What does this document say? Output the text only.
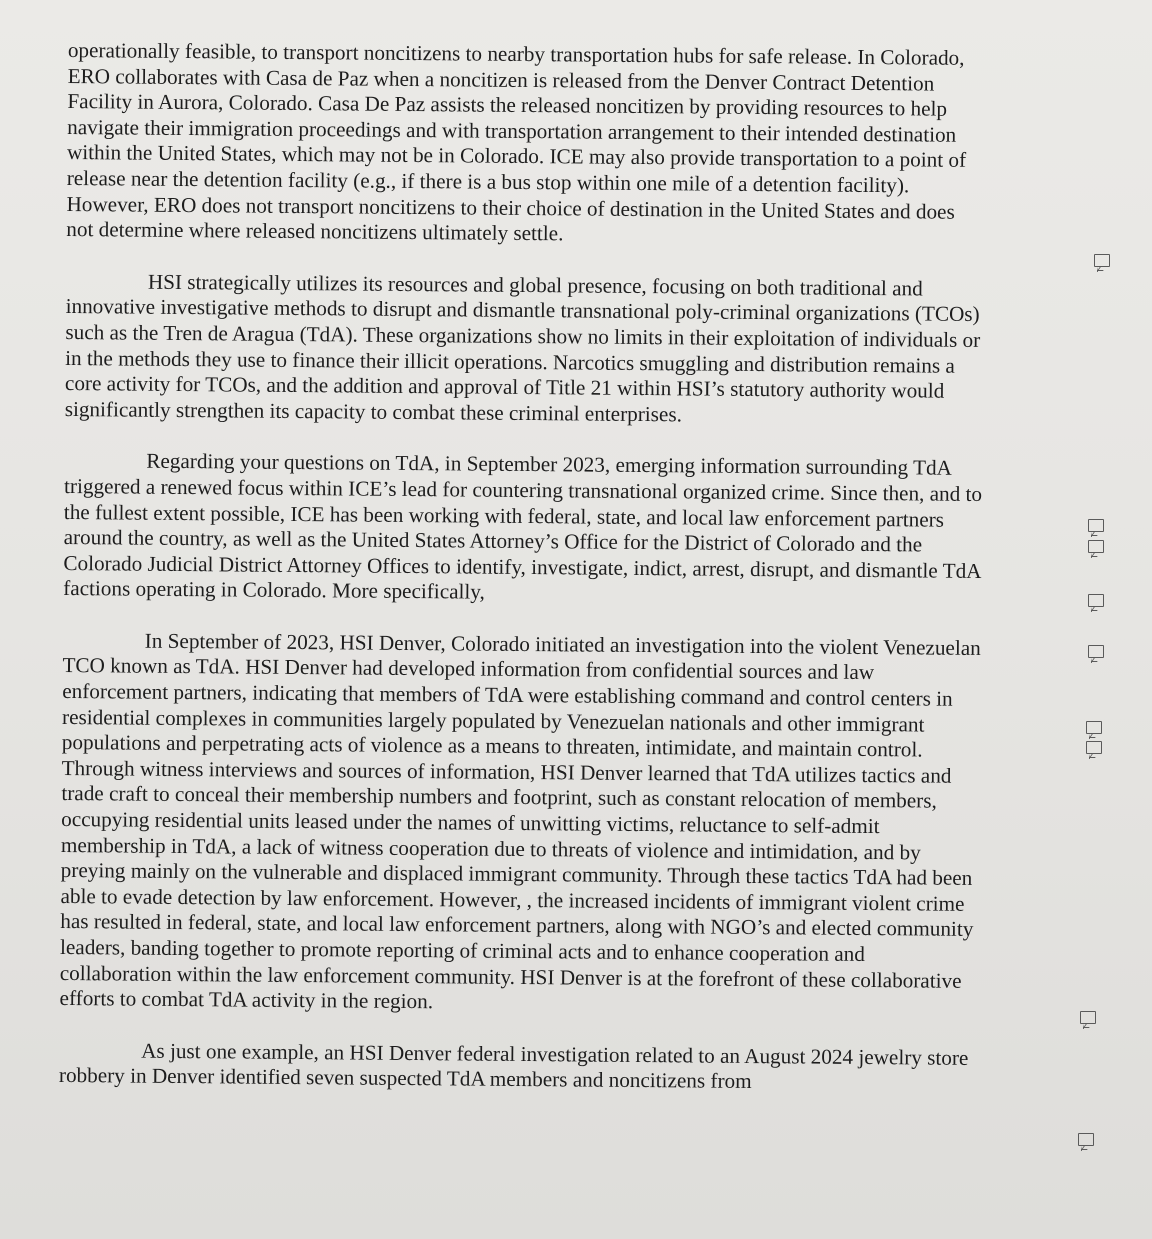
operationally feasible, to transport noncitizens to nearby transportation hubs for safe release. In Colorado, ERO collaborates with Casa de Paz when a noncitizen is released from the Denver Contract Detention Facility in Aurora, Colorado. Casa De Paz assists the released noncitizen by providing resources to help navigate their immigration proceedings and with transportation arrangement to their intended destination within the United States, which may not be in Colorado. ICE may also provide transportation to a point of release near the detention facility (e.g., if there is a bus stop within one mile of a detention facility). However, ERO does not transport noncitizens to their choice of destination in the United States and does not determine where released noncitizens ultimately settle.

HSI strategically utilizes its resources and global presence, focusing on both traditional and innovative investigative methods to disrupt and dismantle transnational poly-criminal organizations (TCOs) such as the Tren de Aragua (TdA). These organizations show no limits in their exploitation of individuals or in the methods they use to finance their illicit operations. Narcotics smuggling and distribution remains a core activity for TCOs, and the addition and approval of Title 21 within HSI’s statutory authority would significantly strengthen its capacity to combat these criminal enterprises.

Regarding your questions on TdA, in September 2023, emerging information surrounding TdA triggered a renewed focus within ICE’s lead for countering transnational organized crime. Since then, and to the fullest extent possible, ICE has been working with federal, state, and local law enforcement partners around the country, as well as the United States Attorney’s Office for the District of Colorado and the Colorado Judicial District Attorney Offices to identify, investigate, indict, arrest, disrupt, and dismantle TdA factions operating in Colorado. More specifically,

In September of 2023, HSI Denver, Colorado initiated an investigation into the violent Venezuelan TCO known as TdA. HSI Denver had developed information from confidential sources and law enforcement partners, indicating that members of TdA were establishing command and control centers in residential complexes in communities largely populated by Venezuelan nationals and other immigrant populations and perpetrating acts of violence as a means to threaten, intimidate, and maintain control. Through witness interviews and sources of information, HSI Denver learned that TdA utilizes tactics and trade craft to conceal their membership numbers and footprint, such as constant relocation of members, occupying residential units leased under the names of unwitting victims, reluctance to self-admit membership in TdA, a lack of witness cooperation due to threats of violence and intimidation, and by preying mainly on the vulnerable and displaced immigrant community. Through these tactics TdA had been able to evade detection by law enforcement. However, , the increased incidents of immigrant violent crime has resulted in federal, state, and local law enforcement partners, along with NGO’s and elected community leaders, banding together to promote reporting of criminal acts and to enhance cooperation and collaboration within the law enforcement community. HSI Denver is at the forefront of these collaborative efforts to combat TdA activity in the region.

As just one example, an HSI Denver federal investigation related to an August 2024 jewelry store robbery in Denver identified seven suspected TdA members and noncitizens from
